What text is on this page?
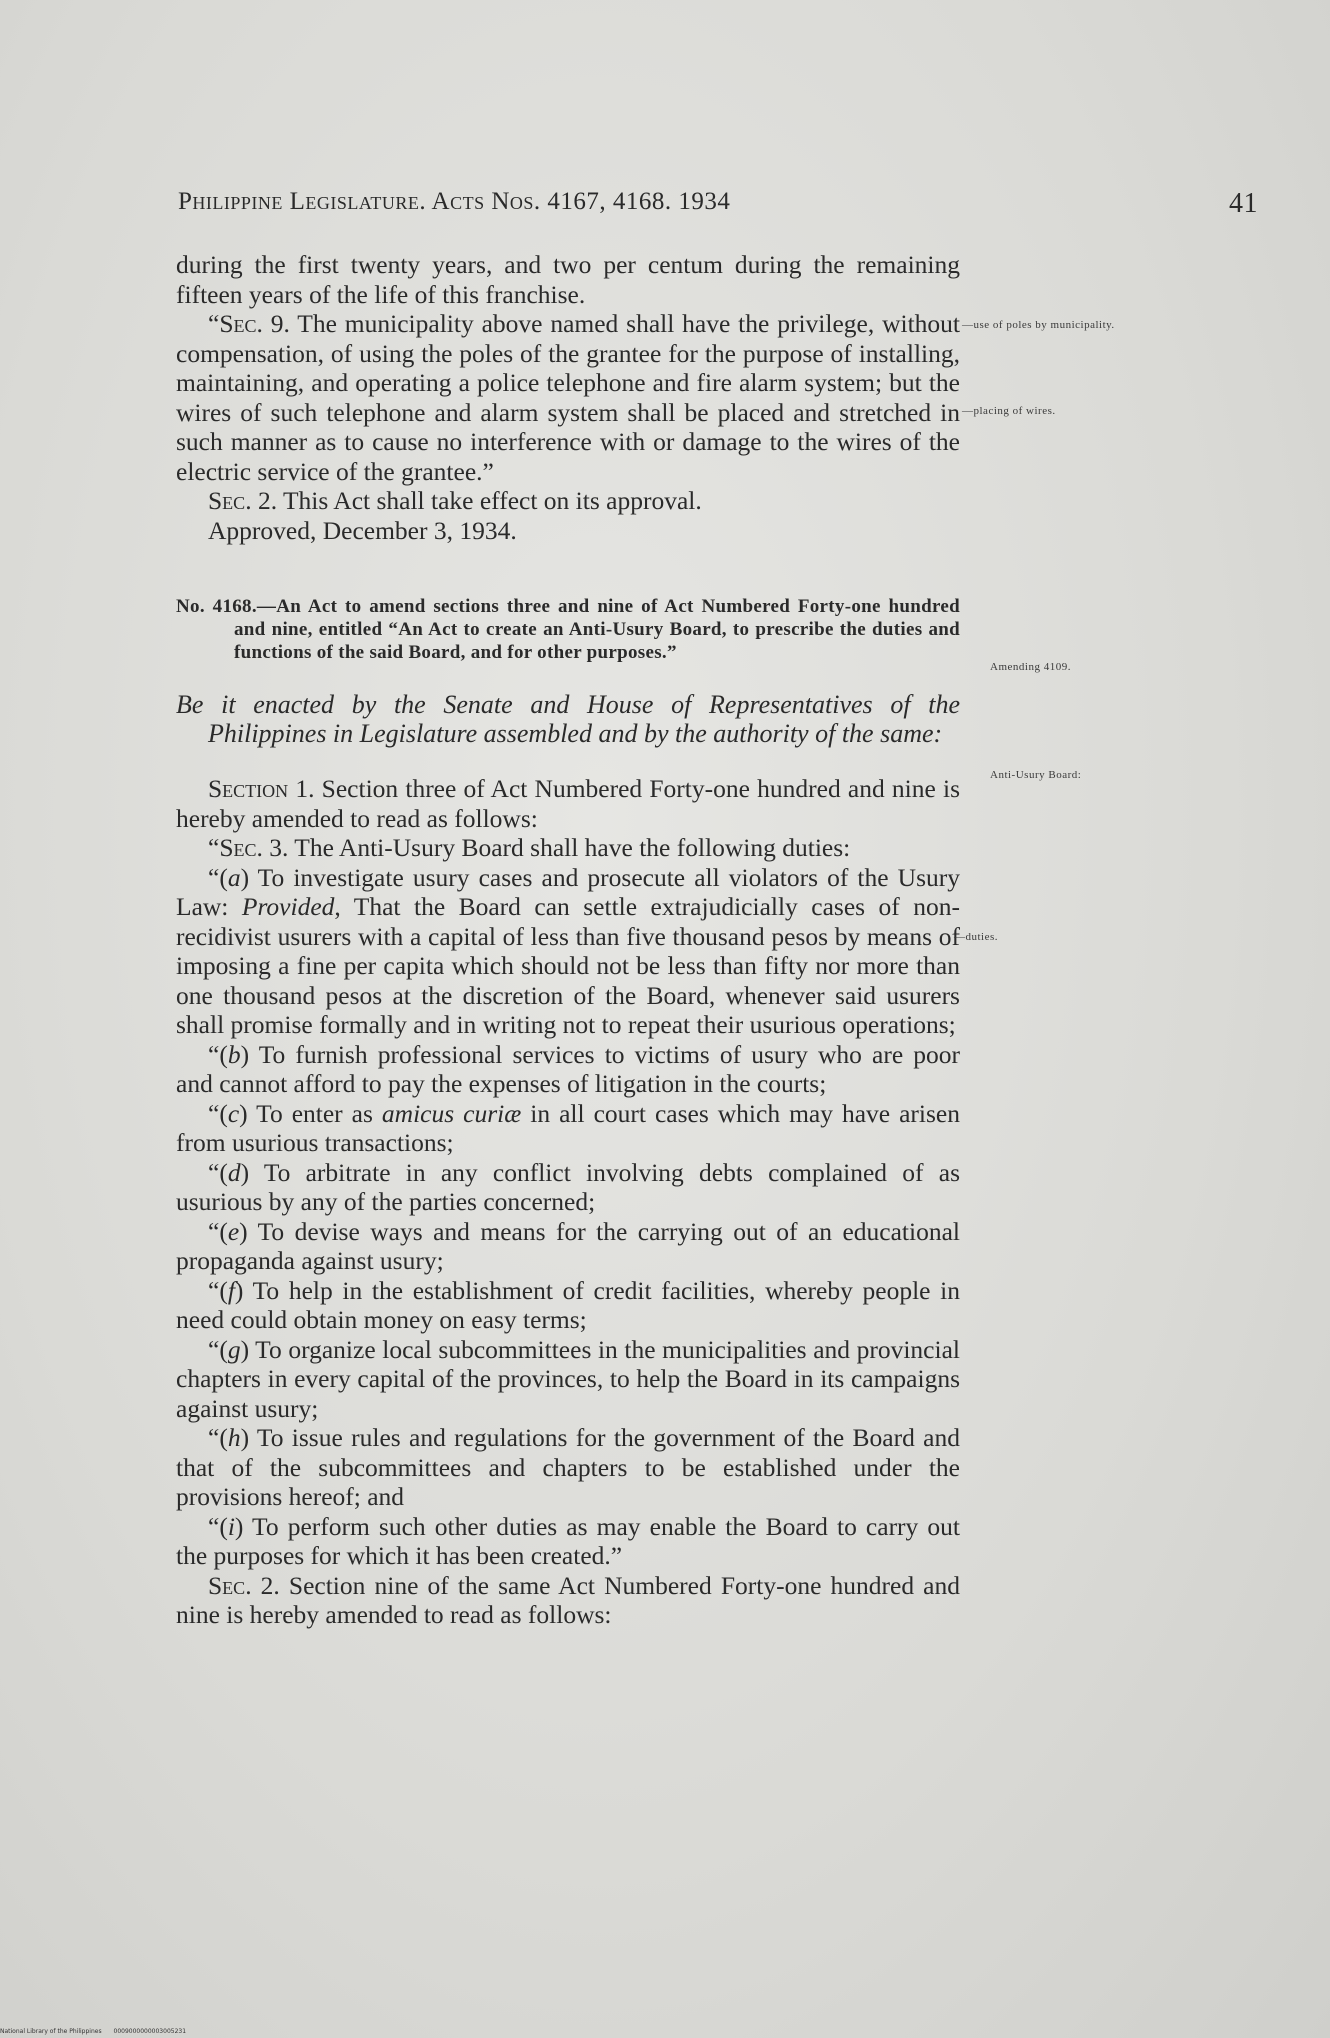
Philippine Legislature. Acts Nos. 4167, 4168. 1934	41

during the first twenty years, and two per centum during the remaining fifteen years of the life of this franchise.

“Sec. 9. The municipality above named shall have the privilege, without compensation, of using the poles of the grantee for the purpose of installing, maintaining, and operating a police telephone and fire alarm system; but the wires of such telephone and alarm system shall be placed and stretched in such manner as to cause no interference with or damage to the wires of the electric service of the grantee.”

Sec. 2. This Act shall take effect on its approval.

Approved, December 3, 1934.

No. 4168.—An Act to amend sections three and nine of Act Numbered Forty-one hundred and nine, entitled “An Act to create an Anti-Usury Board, to prescribe the duties and functions of the said Board, and for other purposes.”

Be it enacted by the Senate and House of Representatives of the Philippines in Legislature assembled and by the authority of the same:

Section 1. Section three of Act Numbered Forty-one hundred and nine is hereby amended to read as follows:

“Sec. 3. The Anti-Usury Board shall have the following duties:

“(a) To investigate usury cases and prosecute all violators of the Usury Law: Provided, That the Board can settle extrajudicially cases of non-recidivist usurers with a capital of less than five thousand pesos by means of imposing a fine per capita which should not be less than fifty nor more than one thousand pesos at the discretion of the Board, whenever said usurers shall promise formally and in writing not to repeat their usurious operations;

“(b) To furnish professional services to victims of usury who are poor and cannot afford to pay the expenses of litigation in the courts;

“(c) To enter as amicus curiæ in all court cases which may have arisen from usurious transactions;

“(d) To arbitrate in any conflict involving debts complained of as usurious by any of the parties concerned;

“(e) To devise ways and means for the carrying out of an educational propaganda against usury;

“(f) To help in the establishment of credit facilities, whereby people in need could obtain money on easy terms;

“(g) To organize local subcommittees in the municipalities and provincial chapters in every capital of the provinces, to help the Board in its campaigns against usury;

“(h) To issue rules and regulations for the government of the Board and that of the subcommittees and chapters to be established under the provisions hereof; and

“(i) To perform such other duties as may enable the Board to carry out the purposes for which it has been created.”

Sec. 2. Section nine of the same Act Numbered Forty-one hundred and nine is hereby amended to read as follows:

—use of poles by municipality.
—placing of wires.
Amending 4109.
Anti-Usury Board:
—duties.
National Library of the Philippines 0009000000003005231
